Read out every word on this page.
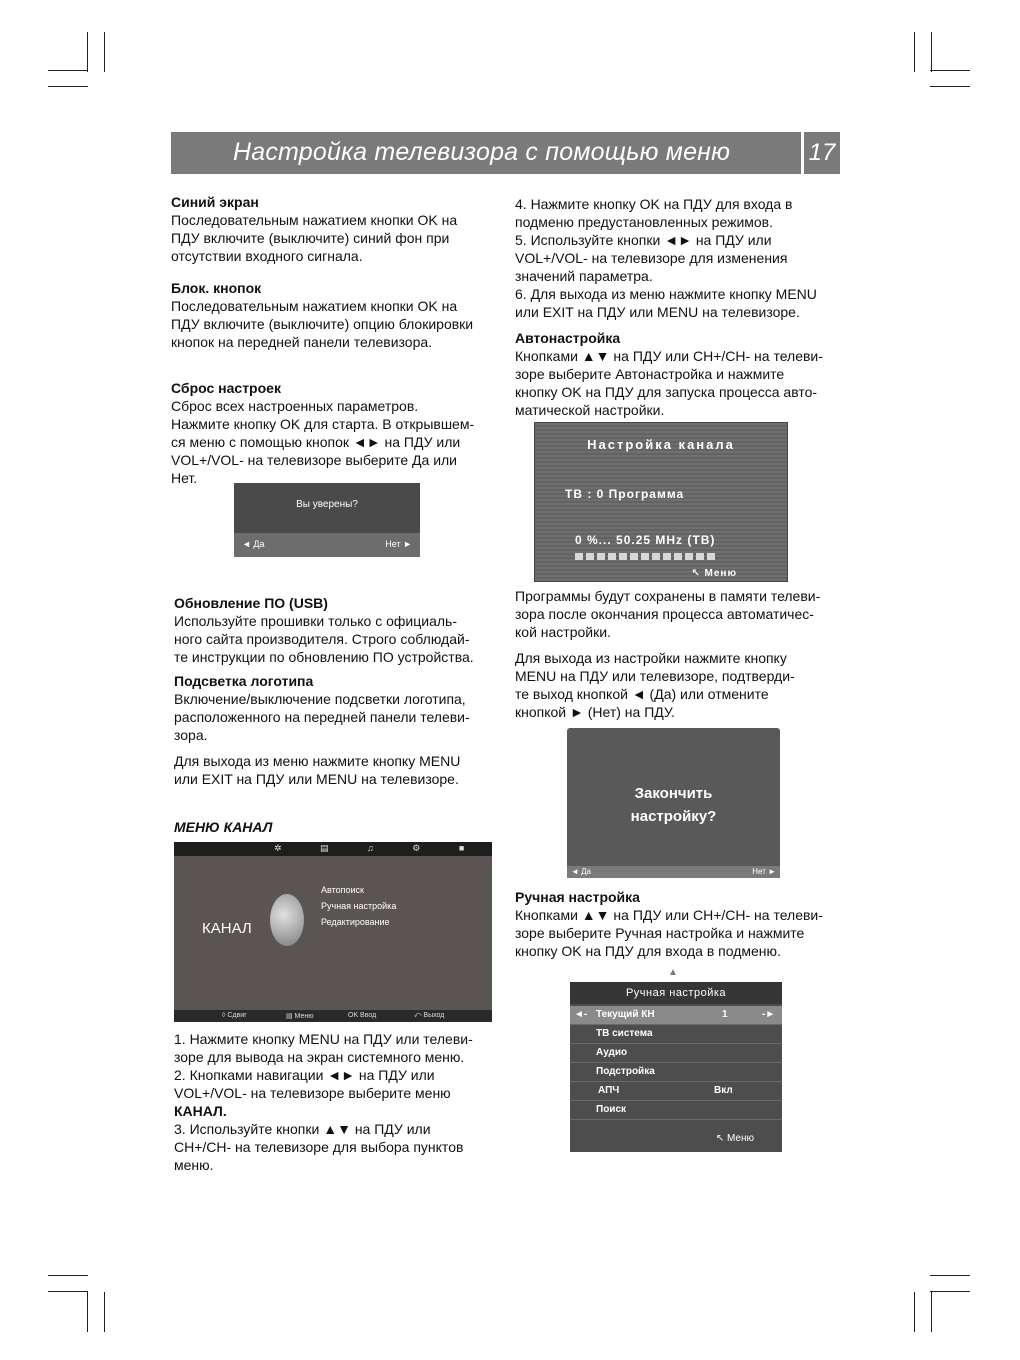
Настройка телевизора с помощью меню	17

Синий экран

Последовательным нажатием кнопки OK на

ПДУ включите (выключите) синий фон при

отсутствии входного сигнала.

Блок. кнопок

Последовательным нажатием кнопки OK на

ПДУ включите (выключите) опцию блокировки

кнопок на передней панели телевизора.

Сброс настроек

Сброс всех настроенных параметров.

Нажмите кнопку OK для старта. В открывшем-

ся меню с помощью кнопок ◄► на ПДУ или

VOL+/VOL- на телевизоре выберите Да или

Нет.

Вы уверены?
◄ Да	Нет ►

Обновление ПО (USB)

Используйте прошивки только с официаль-

ного сайта производителя. Строго соблюдай-

те инструкции по обновлению ПО устройства.

Подсветка логотипа

Включение/выключение подсветки логотипа,

расположенного на передней панели телеви-

зора.

Для выхода из меню нажмите кнопку MENU

или EXIT на ПДУ или MENU на телевизоре.

МЕНЮ КАНАЛ

✲ ▤ ♫ ⚙ ■
КАНАЛ
Автопоиск
Ручная настройка
Редактирование
◊ Сдвиг	▤ Меню	OK Ввод	⤺ Выход

1. Нажмите кнопку MENU на ПДУ или телеви-

зоре для вывода на экран системного меню.

2. Кнопками навигации ◄► на ПДУ или

VOL+/VOL- на телевизоре выберите меню

КАНАЛ.

3. Используйте кнопки ▲▼ на ПДУ или

CH+/CH- на телевизоре для выбора пунктов

меню.

4. Нажмите кнопку OK на ПДУ для входа в

подменю предустановленных режимов.

5. Используйте кнопки ◄► на ПДУ или

VOL+/VOL- на телевизоре для изменения

значений параметра.

6. Для выхода из меню нажмите кнопку MENU

или EXIT на ПДУ или MENU на телевизоре.

Автонастройка

Кнопками ▲▼ на ПДУ или CH+/CH- на телеви-

зоре выберите Автонастройка и нажмите

кнопку OK на ПДУ для запуска процесса авто-

матической настройки.

Настройка канала
ТВ : 0 Программа
0 %... 50.25 MHz (ТВ)
↖ Меню

Программы будут сохранены в памяти телеви-

зора после окончания процесса автоматичес-

кой настройки.

Для выхода из настройки нажмите кнопку

MENU на ПДУ или телевизоре, подтверди-

те выход кнопкой ◄ (Да) или отмените

кнопкой ► (Нет) на ПДУ.

Закончить
настройку?
◄ Да	Нет ►

Ручная настройка

Кнопками ▲▼ на ПДУ или CH+/CH- на телеви-

зоре выберите Ручная настройка и нажмите

кнопку OK на ПДУ для входа в подменю.

▲
Ручная настройка
◄- Текущий КН	1	-►
ТВ система
Аудио
Подстройка
АПЧ	Вкл
Поиск
↖ Меню
